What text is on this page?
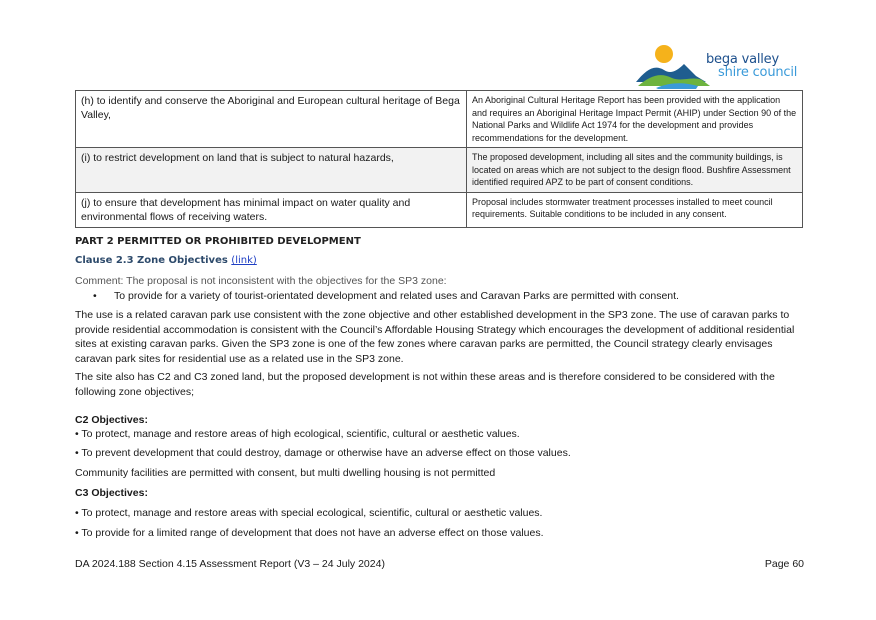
bega valley
shire council
(h) to identify and conserve the Aboriginal and European cultural heritage of Bega Valley,	An Aboriginal Cultural Heritage Report has been provided with the application and requires an Aboriginal Heritage Impact Permit (AHIP) under Section 90 of the National Parks and Wildlife Act 1974 for the development and provides recommendations for the development.
(i) to restrict development on land that is subject to natural hazards,	The proposed development, including all sites and the community buildings, is located on areas which are not subject to the design flood. Bushfire Assessment identified required APZ to be part of consent conditions.
(j) to ensure that development has minimal impact on water quality and environmental flows of receiving waters.	Proposal includes stormwater treatment processes installed to meet council requirements. Suitable conditions to be included in any consent.
PART 2 PERMITTED OR PROHIBITED DEVELOPMENT
Clause 2.3 Zone Objectives (link)
Comment: The proposal is not inconsistent with the objectives for the SP3 zone:
• To provide for a variety of tourist-orientated development and related uses and Caravan Parks are permitted with consent.
The use is a related caravan park use consistent with the zone objective and other established development in the SP3 zone. The use of caravan parks to provide residential accommodation is consistent with the Council’s Affordable Housing Strategy which encourages the development of additional residential sites at existing caravan parks. Given the SP3 zone is one of the few zones where caravan parks are permitted, the Council strategy clearly envisages caravan park sites for residential use as a related use in the SP3 zone.
The site also has C2 and C3 zoned land, but the proposed development is not within these areas and is therefore considered to be considered with the following zone objectives;
C2 Objectives:
• To protect, manage and restore areas of high ecological, scientific, cultural or aesthetic values.
• To prevent development that could destroy, damage or otherwise have an adverse effect on those values.
Community facilities are permitted with consent, but multi dwelling housing is not permitted
C3 Objectives:
• To protect, manage and restore areas with special ecological, scientific, cultural or aesthetic values.
• To provide for a limited range of development that does not have an adverse effect on those values.
DA 2024.188 Section 4.15 Assessment Report (V3 – 24 July 2024)	Page 60
